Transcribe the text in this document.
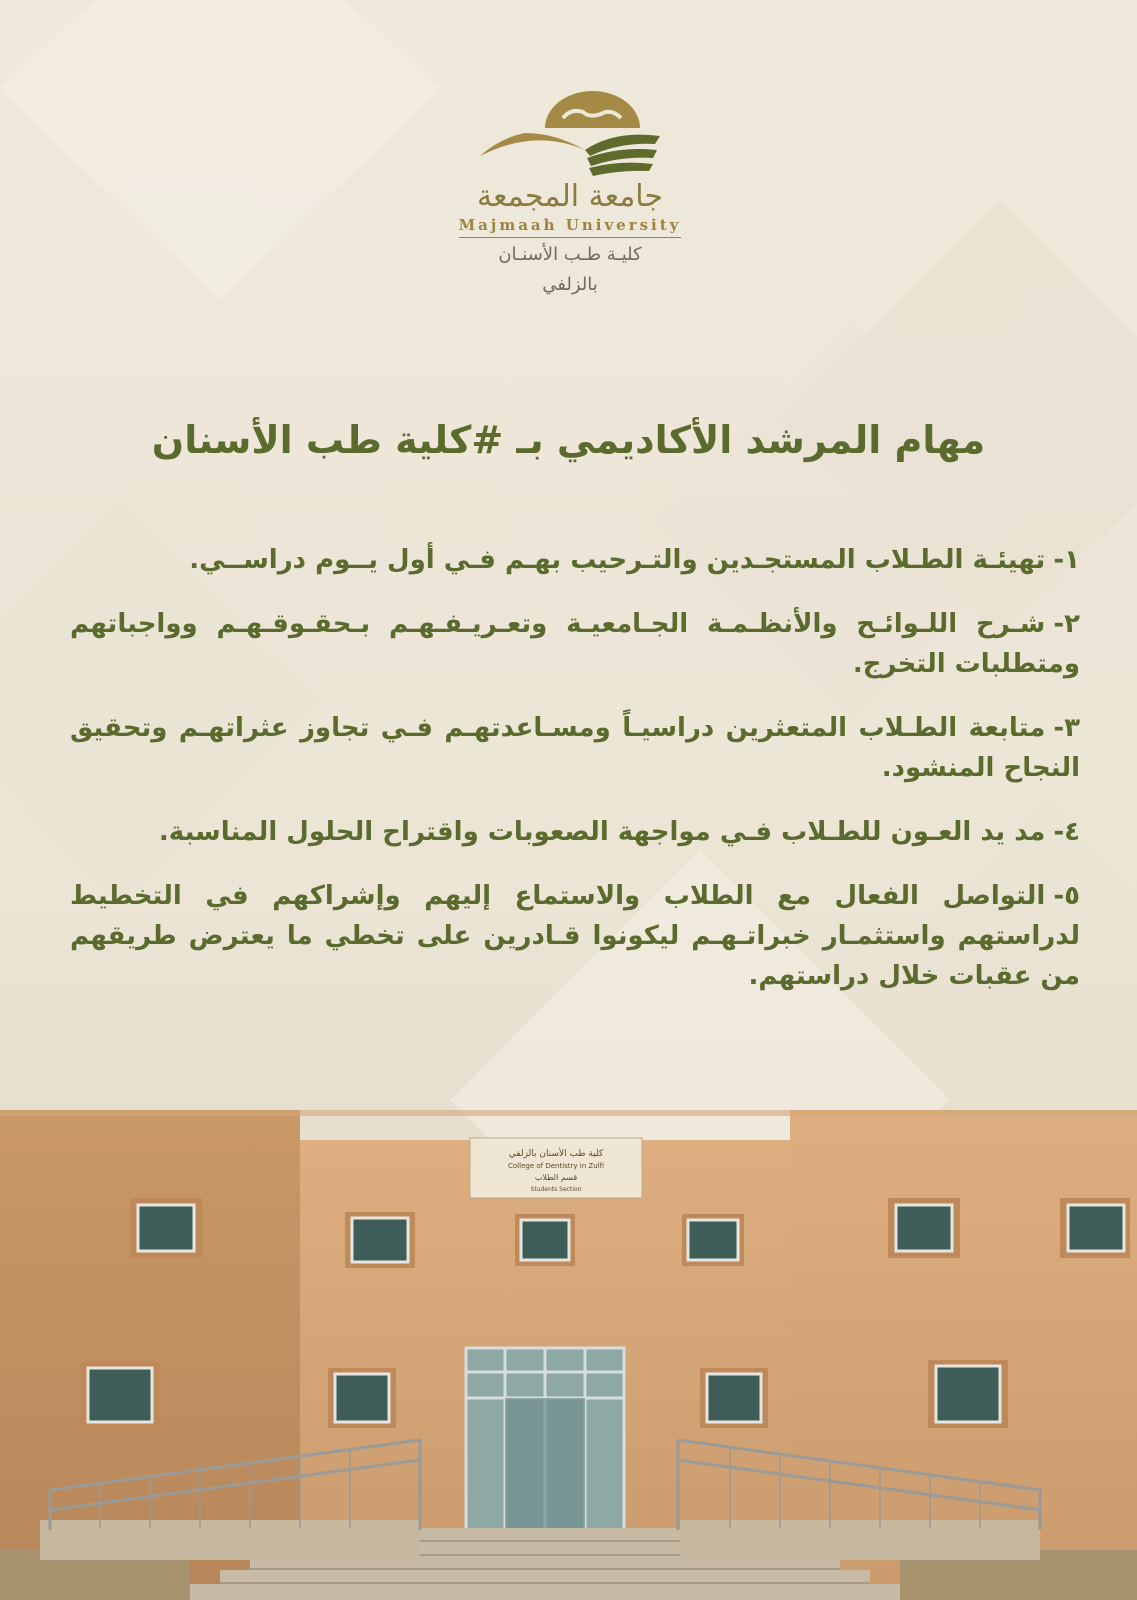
جامعة المجمعة
Majmaah University
كليـة طـب الأسنـان
بالزلفي
مهام المرشد الأكاديمي بـ #كلية طب الأسنان
١-تهيئـة الطـلاب المستجـدين والتـرحيب بهـم فـي أول يــوم دراســي.
٢-شـرح اللـوائـح والأنظـمـة الجـامعيـة وتعـريـفـهـم بـحقـوقـهـم وواجباتهم ومتطلبات التخرج.
٣-متابعة الطـلاب المتعثرين دراسيـاً ومسـاعدتهـم فـي تجاوز عثراتهـم وتحقيق النجاح المنشود.
٤-مد يد العـون للطـلاب فـي مواجهة الصعوبات واقتراح الحلول المناسبة.
٥-التواصل الفعال مع الطلاب والاستماع إليهم وإشراكهم في التخطيط لدراستهم واستثمـار خبراتـهـم ليكونوا قـادرين على تخطي ما يعترض طريقهم من عقبات خلال دراستهم.
كلية طب الأسنان بالزلفي
College of Dentistry in Zulfi
قسم الطلاب
Students Section
